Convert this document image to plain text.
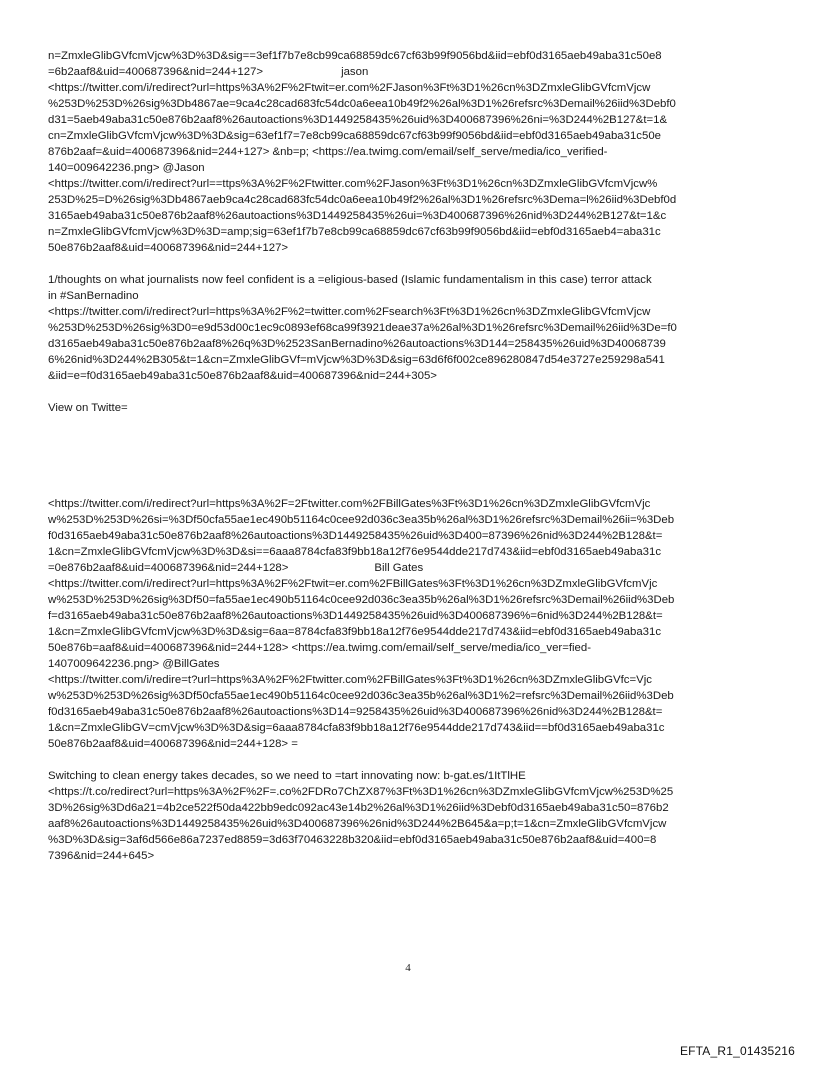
n=ZmxleGlibGVfcmVjcw%3D%3D&sig==3ef1f7b7e8cb99ca68859dc67cf63b99f9056bd&iid=ebf0d3165aeb49aba31c50e8
=6b2aaf8&uid=400687396&nid=244+127>	jason
<https://twitter.com/i/redirect?url=https%3A%2F%2Ftwit=er.com%2FJason%3Ft%3D1%26cn%3DZmxleGlibGVfcmVjcw
%253D%253D%26sig%3Db4867ae=9ca4c28cad683fc54dc0a6eea10b49f2%26al%3D1%26refsrc%3Demail%26iid%3Debf0
d31=5aeb49aba31c50e876b2aaf8%26autoactions%3D1449258435%26uid%3D400687396%26ni=%3D244%2B127&t=1&
cn=ZmxleGlibGVfcmVjcw%3D%3D&sig=63ef1f7=7e8cb99ca68859dc67cf63b99f9056bd&iid=ebf0d3165aeb49aba31c50e
876b2aaf=&uid=400687396&nid=244+127> &nb=p; <https://ea.twimg.com/email/self_serve/media/ico_verified-
140=009642236.png> @Jason
<https://twitter.com/i/redirect?url==ttps%3A%2F%2Ftwitter.com%2FJason%3Ft%3D1%26cn%3DZmxleGlibGVfcmVjcw%
253D%25=D%26sig%3Db4867aeb9ca4c28cad683fc54dc0a6eea10b49f2%26al%3D1%26refsrc%3Dema=l%26iid%3Debf0d
3165aeb49aba31c50e876b2aaf8%26autoactions%3D1449258435%26ui=%3D400687396%26nid%3D244%2B127&t=1&c
n=ZmxleGlibGVfcmVjcw%3D%3D=amp;sig=63ef1f7b7e8cb99ca68859dc67cf63b99f9056bd&iid=ebf0d3165aeb4=aba31c
50e876b2aaf8&uid=400687396&nid=244+127>
1/thoughts on what journalists now feel confident is a =eligious-based (Islamic fundamentalism in this case) terror attack
in #SanBernadino
<https://twitter.com/i/redirect?url=https%3A%2F%2=twitter.com%2Fsearch%3Ft%3D1%26cn%3DZmxleGlibGVfcmVjcw
%253D%253D%26sig%3D0=e9d53d00c1ec9c0893ef68ca99f3921deae37a%26al%3D1%26refsrc%3Demail%26iid%3De=f0
d3165aeb49aba31c50e876b2aaf8%26q%3D%2523SanBernadino%26autoactions%3D144=258435%26uid%3D40068739
6%26nid%3D244%2B305&t=1&cn=ZmxleGlibGVf=mVjcw%3D%3D&sig=63d6f6f002ce896280847d54e3727e259298a541
&iid=e=f0d3165aeb49aba31c50e876b2aaf8&uid=400687396&nid=244+305>
View on Twitte=
<https://twitter.com/i/redirect?url=https%3A%2F=2Ftwitter.com%2FBillGates%3Ft%3D1%26cn%3DZmxleGlibGVfcmVjc
w%253D%253D%26si=%3Df50cfa55ae1ec490b51164c0cee92d036c3ea35b%26al%3D1%26refsrc%3Demail%26ii=%3Deb
f0d3165aeb49aba31c50e876b2aaf8%26autoactions%3D1449258435%26uid%3D400=87396%26nid%3D244%2B128&t=
1&cn=ZmxleGlibGVfcmVjcw%3D%3D&si==6aaa8784cfa83f9bb18a12f76e9544dde217d743&iid=ebf0d3165aeb49aba31c
=0e876b2aaf8&uid=400687396&nid=244+128>	Bill Gates
<https://twitter.com/i/redirect?url=https%3A%2F%2Ftwit=er.com%2FBillGates%3Ft%3D1%26cn%3DZmxleGlibGVfcmVjc
w%253D%253D%26sig%3Df50=fa55ae1ec490b51164c0cee92d036c3ea35b%26al%3D1%26refsrc%3Demail%26iid%3Deb
f=d3165aeb49aba31c50e876b2aaf8%26autoactions%3D1449258435%26uid%3D400687396%=6nid%3D244%2B128&t=
1&cn=ZmxleGlibGVfcmVjcw%3D%3D&sig=6aa=8784cfa83f9bb18a12f76e9544dde217d743&iid=ebf0d3165aeb49aba31c
50e876b=aaf8&uid=400687396&nid=244+128> <https://ea.twimg.com/email/self_serve/media/ico_ver=fied-
1407009642236.png> @BillGates
<https://twitter.com/i/redire=t?url=https%3A%2F%2Ftwitter.com%2FBillGates%3Ft%3D1%26cn%3DZmxleGlibGVfc=Vjc
w%253D%253D%26sig%3Df50cfa55ae1ec490b51164c0cee92d036c3ea35b%26al%3D1%2=refsrc%3Demail%26iid%3Deb
f0d3165aeb49aba31c50e876b2aaf8%26autoactions%3D14=9258435%26uid%3D400687396%26nid%3D244%2B128&t=
1&cn=ZmxleGlibGV=cmVjcw%3D%3D&sig=6aaa8784cfa83f9bb18a12f76e9544dde217d743&iid==bf0d3165aeb49aba31c
50e876b2aaf8&uid=400687396&nid=244+128> =
Switching to clean energy takes decades, so we need to =tart innovating now: b-gat.es/1ItTlHE
<https://t.co/redirect?url=https%3A%2F%2F=.co%2FDRo7ChZX87%3Ft%3D1%26cn%3DZmxleGlibGVfcmVjcw%253D%25
3D%26sig%3Dd6a21=4b2ce522f50da422bb9edc092ac43e14b2%26al%3D1%26iid%3Debf0d3165aeb49aba31c50=876b2
aaf8%26autoactions%3D1449258435%26uid%3D400687396%26nid%3D244%2B645&a=p;t=1&cn=ZmxleGlibGVfcmVjcw
%3D%3D&sig=3af6d566e86a7237ed8859=3d63f70463228b320&iid=ebf0d3165aeb49aba31c50e876b2aaf8&uid=400=8
7396&nid=244+645>
4
EFTA_R1_01435216
